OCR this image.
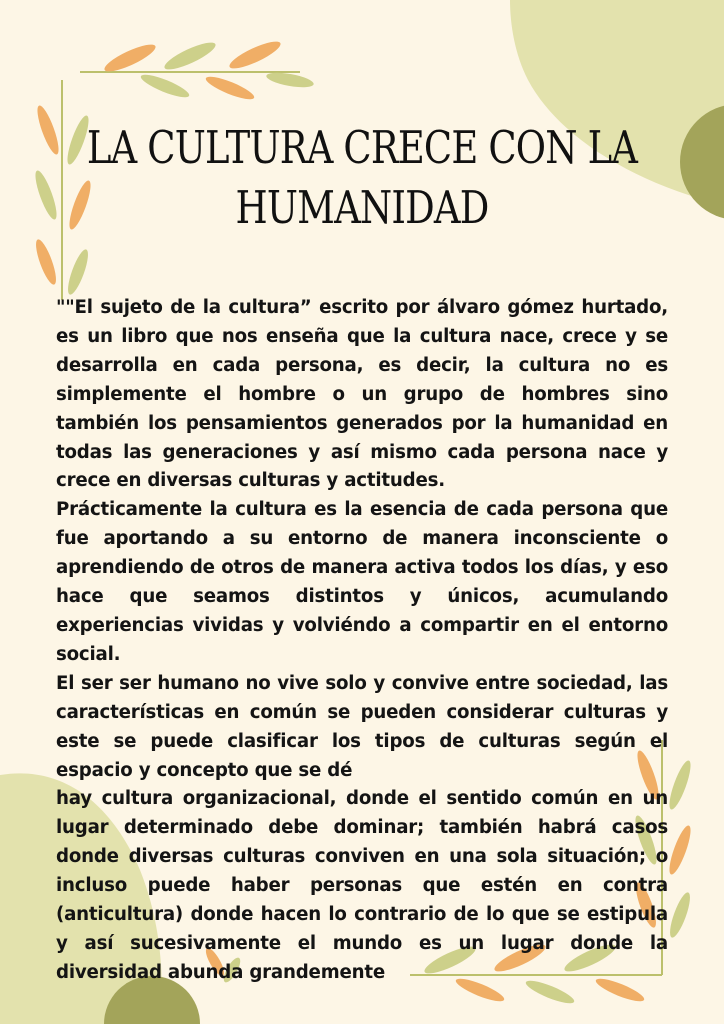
LA CULTURA CRECE CON LA
HUMANIDAD

""El sujeto de la cultura” escrito por álvaro gómez hurtado, es un libro que nos enseña que la cultura nace, crece y se desarrolla en cada persona, es decir, la cultura no es simplemente el hombre o un grupo de hombres sino también los pensamientos generados por la humanidad en todas las generaciones y así mismo cada persona nace y crece en diversas culturas y actitudes.

Prácticamente la cultura es la esencia de cada persona que fue aportando a su entorno de manera inconsciente o aprendiendo de otros de manera activa todos los días, y eso hace que seamos distintos y únicos, acumulando experiencias vividas y volviéndo a compartir en el entorno social.

El ser ser humano no vive solo y convive entre sociedad, las características en común se pueden considerar culturas y este se puede clasificar los tipos de culturas según el espacio y concepto que se dé

hay cultura organizacional, donde el sentido común en un lugar determinado debe dominar; también habrá casos donde diversas culturas conviven en una sola situación; o incluso puede haber personas que estén en contra (anticultura) donde hacen lo contrario de lo que se estipula y así sucesivamente el mundo es un lugar donde la diversidad abunda grandemente
